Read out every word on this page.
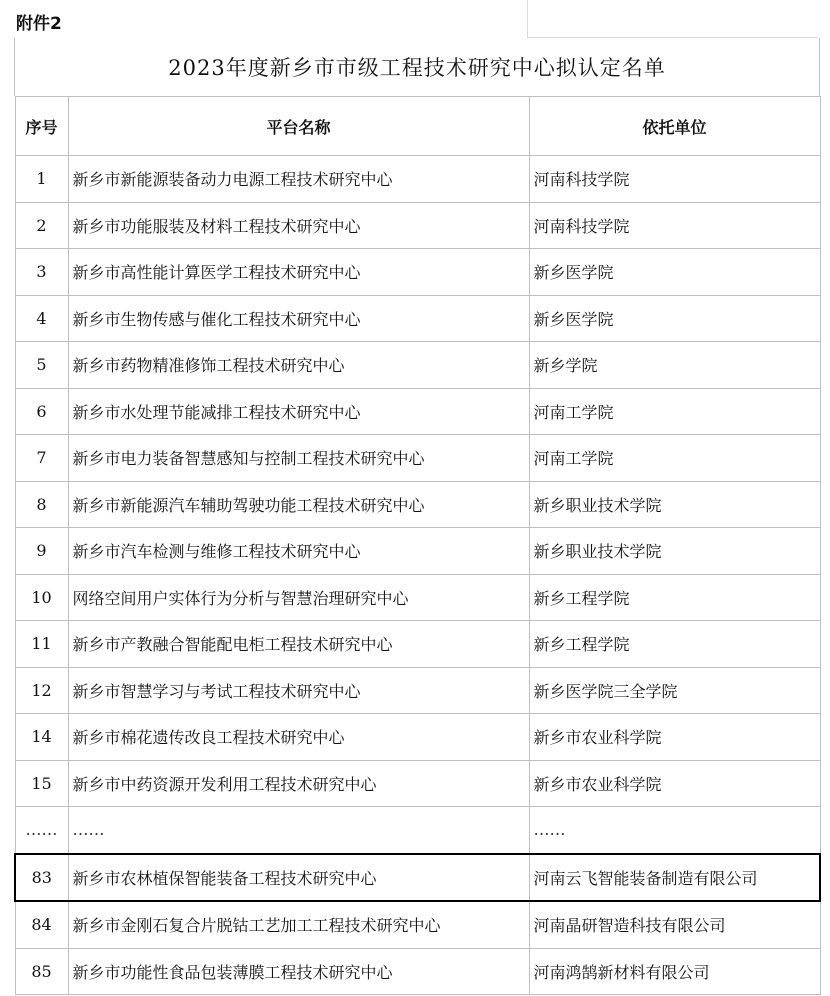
附件2
2023年度新乡市市级工程技术研究中心拟认定名单
序号	平台名称	依托单位
1	新乡市新能源装备动力电源工程技术研究中心	河南科技学院
2	新乡市功能服装及材料工程技术研究中心	河南科技学院
3	新乡市高性能计算医学工程技术研究中心	新乡医学院
4	新乡市生物传感与催化工程技术研究中心	新乡医学院
5	新乡市药物精准修饰工程技术研究中心	新乡学院
6	新乡市水处理节能减排工程技术研究中心	河南工学院
7	新乡市电力装备智慧感知与控制工程技术研究中心	河南工学院
8	新乡市新能源汽车辅助驾驶功能工程技术研究中心	新乡职业技术学院
9	新乡市汽车检测与维修工程技术研究中心	新乡职业技术学院
10	网络空间用户实体行为分析与智慧治理研究中心	新乡工程学院
11	新乡市产教融合智能配电柜工程技术研究中心	新乡工程学院
12	新乡市智慧学习与考试工程技术研究中心	新乡医学院三全学院
14	新乡市棉花遗传改良工程技术研究中心	新乡市农业科学院
15	新乡市中药资源开发利用工程技术研究中心	新乡市农业科学院
……	……	……
83	新乡市农林植保智能装备工程技术研究中心	河南云飞智能装备制造有限公司
84	新乡市金刚石复合片脱钴工艺加工工程技术研究中心	河南晶研智造科技有限公司
85	新乡市功能性食品包装薄膜工程技术研究中心	河南鸿鹄新材料有限公司
